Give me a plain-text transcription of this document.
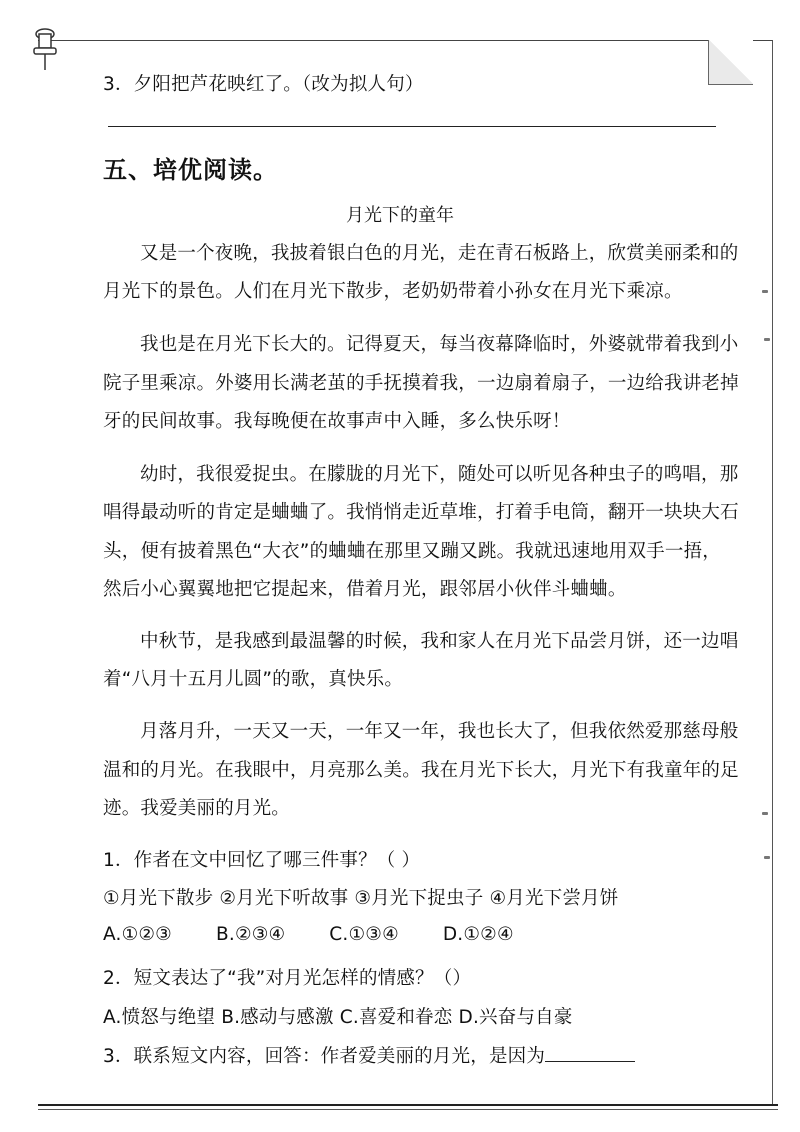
3．夕阳把芦花映红了。（改为拟人句）
五、培优阅读。
月光下的童年
又是一个夜晚，我披着银白色的月光，走在青石板路上，欣赏美丽柔和的
月光下的景色。人们在月光下散步，老奶奶带着小孙女在月光下乘凉。
我也是在月光下长大的。记得夏天，每当夜幕降临时，外婆就带着我到小
院子里乘凉。外婆用长满老茧的手抚摸着我，一边扇着扇子，一边给我讲老掉
牙的民间故事。我每晚便在故事声中入睡，多么快乐呀！
幼时，我很爱捉虫。在朦胧的月光下，随处可以听见各种虫子的鸣唱，那
唱得最动听的肯定是蛐蛐了。我悄悄走近草堆，打着手电筒，翻开一块块大石
头，便有披着黑色“大衣”的蛐蛐在那里又蹦又跳。我就迅速地用双手一捂，
然后小心翼翼地把它提起来，借着月光，跟邻居小伙伴斗蛐蛐。
中秋节，是我感到最温馨的时候，我和家人在月光下品尝月饼，还一边唱
着“八月十五月儿圆”的歌，真快乐。
月落月升，一天又一天，一年又一年，我也长大了，但我依然爱那慈母般
温和的月光。在我眼中，月亮那么美。我在月光下长大，月光下有我童年的足
迹。我爱美丽的月光。
1．作者在文中回忆了哪三件事？（ ）
①月光下散步 ②月光下听故事 ③月光下捉虫子 ④月光下尝月饼
A.①②③ B.②③④ C.①③④ D.①②④
2．短文表达了“我”对月光怎样的情感？（）
A.愤怒与绝望 B.感动与感激 C.喜爱和眷恋 D.兴奋与自豪
3．联系短文内容，回答：作者爱美丽的月光，是因为
